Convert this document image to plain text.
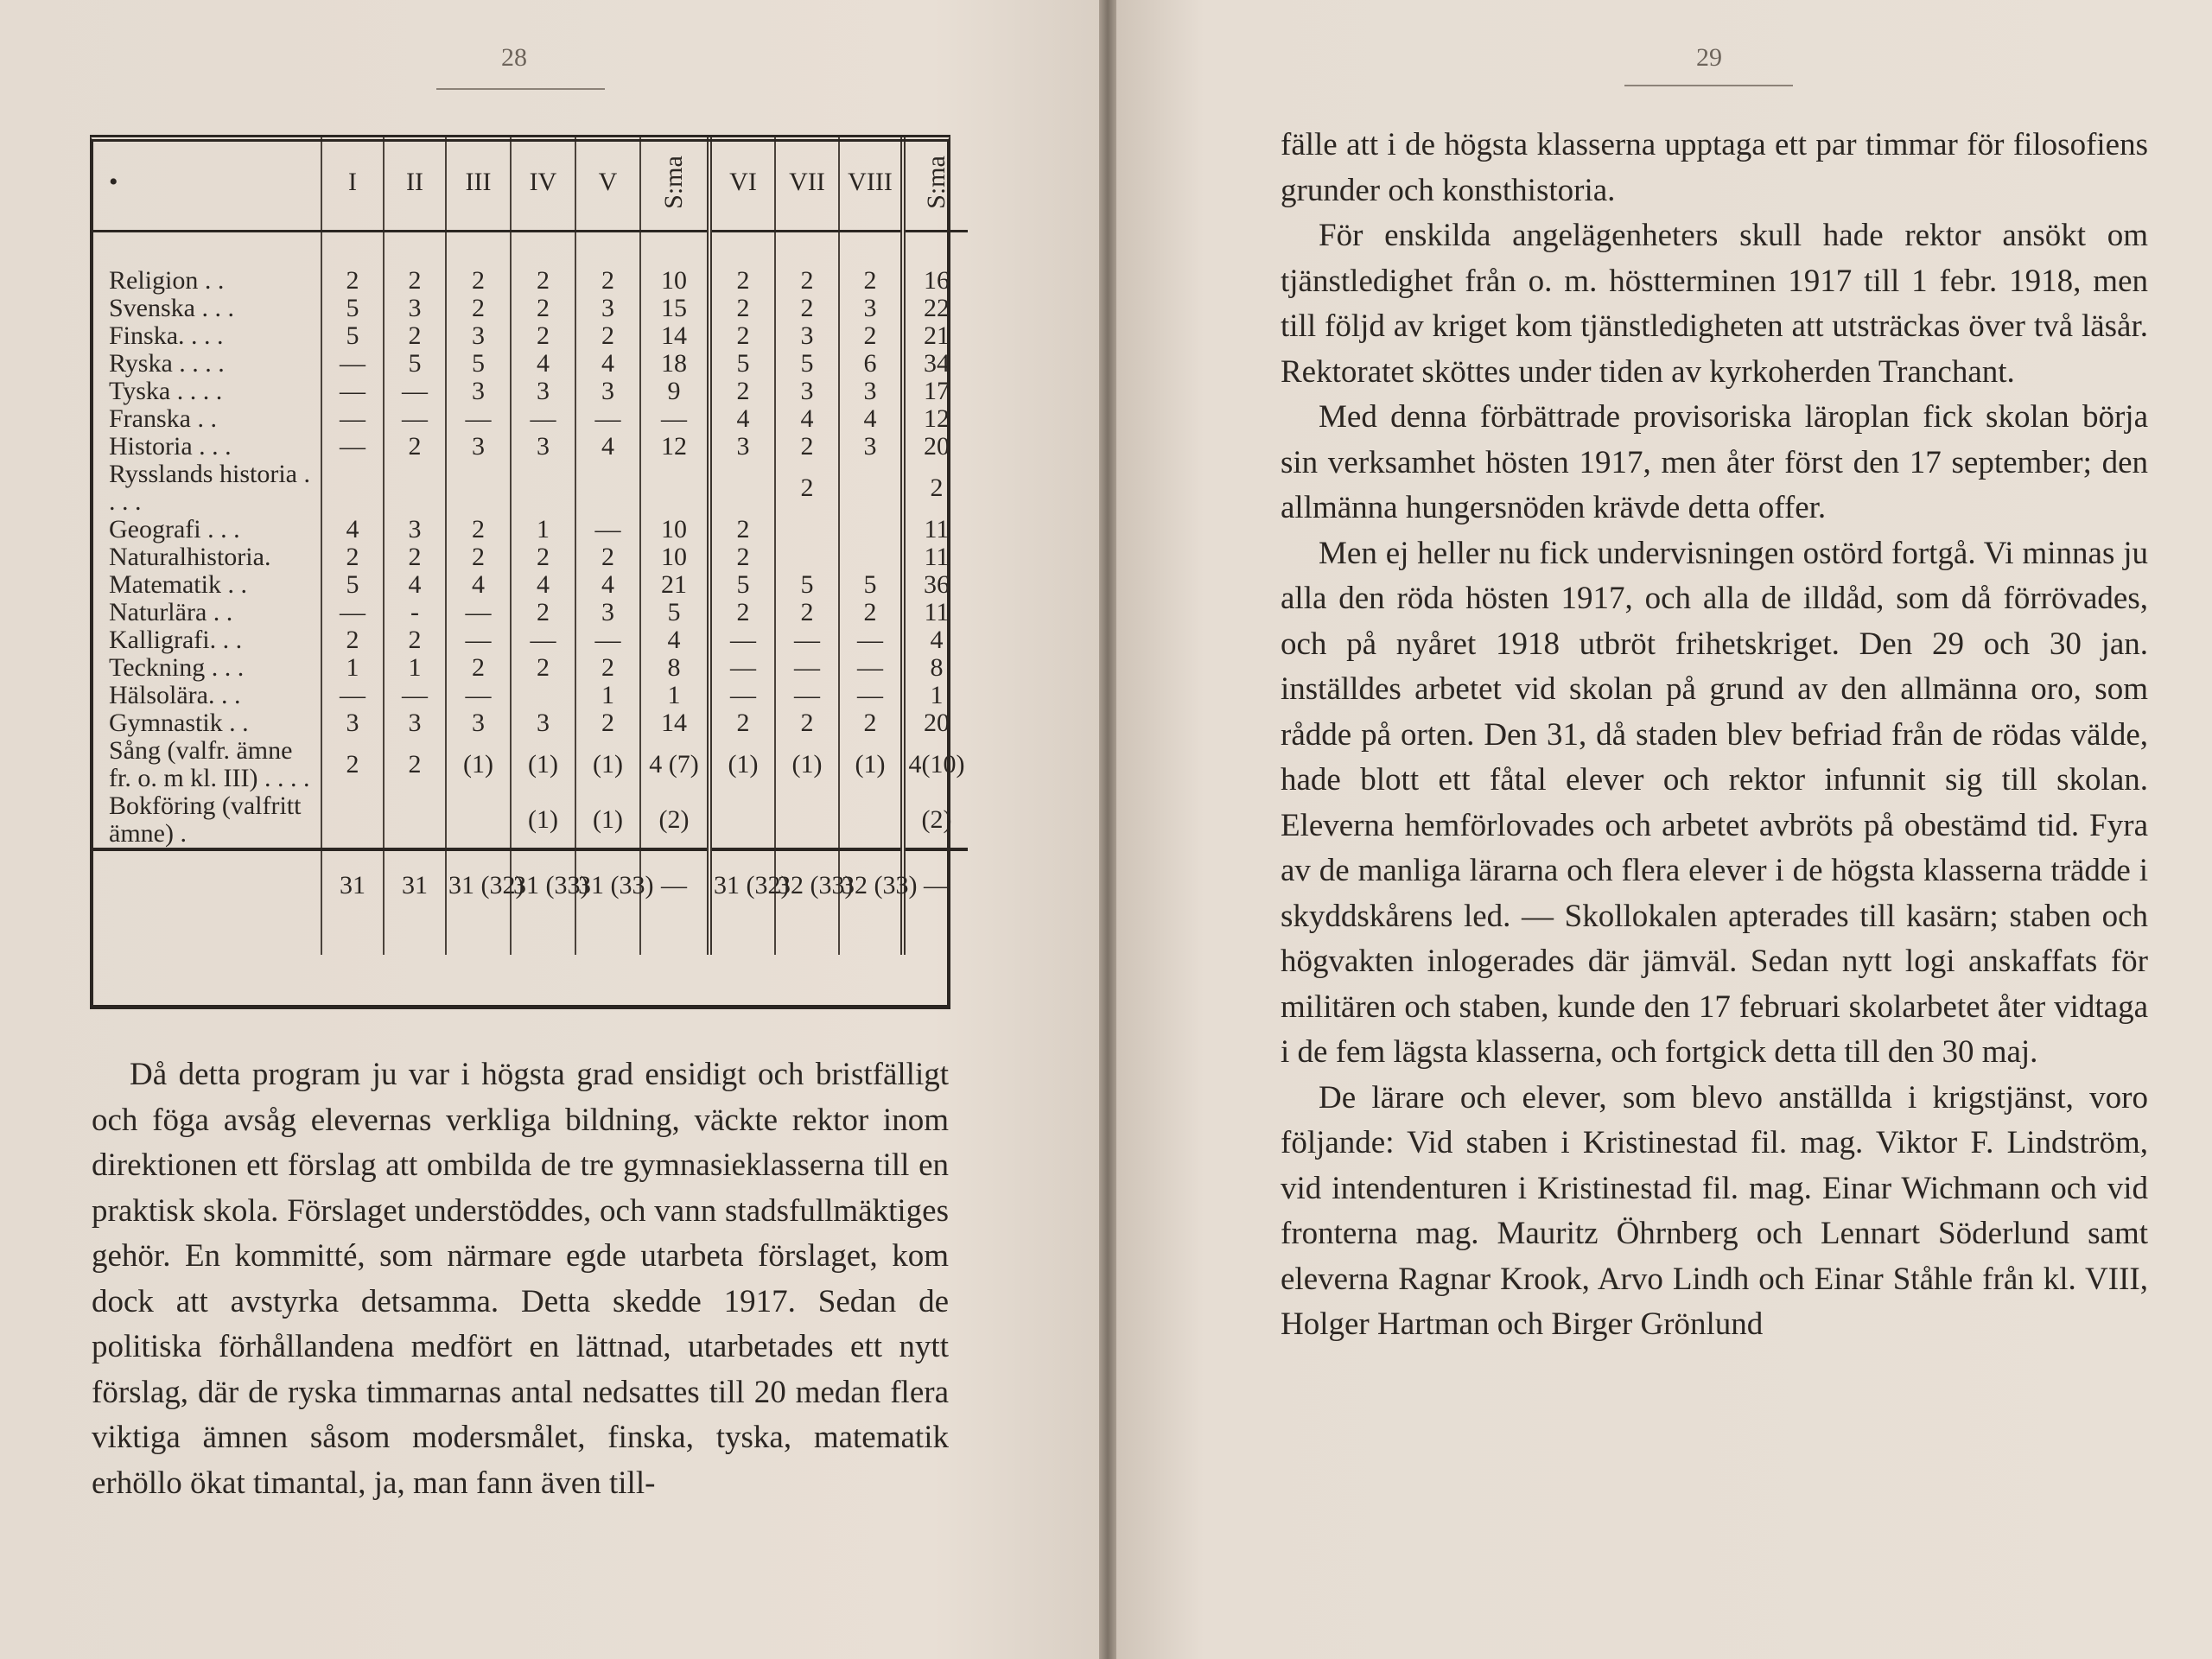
28
•	I	II	III	IV	V	S:ma	VI	VII	VIII	S:ma

Religion . .	2	2	2	2	2	10	2	2	2	16
Svenska . . .	5	3	2	2	3	15	2	2	3	22
Finska. . . .	5	2	3	2	2	14	2	3	2	21
Ryska . . . .	—	5	5	4	4	18	5	5	6	34
Tyska . . . .	—	—	3	3	3	9	2	3	3	17
Franska . .	—	—	—	—	—	—	4	4	4	12
Historia . . .	—	2	3	3	4	12	3	2	3	20
Rysslands historia . . . .								2		2
Geografi . . .	4	3	2	1	—	10	2			11
Naturalhistoria.	2	2	2	2	2	10	2			11
Matematik . .	5	4	4	4	4	21	5	5	5	36
Naturlära . .	—	-	—	2	3	5	2	2	2	11
Kalligrafi. . .	2	2	—	—	—	4	—	—	—	4
Teckning . . .	1	1	2	2	2	8	—	—	—	8
Hälsolära. . .	—	—	—		1	1	—	—	—	1
Gymnastik . .	3	3	3	3	2	14	2	2	2	20
Sång (valfr. ämne fr. o. m kl. III) . . . .	2	2	(1)	(1)	(1)	4 (7)	(1)	(1)	(1)	4(10)
Bokföring (valfritt ämne) .				(1)	(1)	(2)				(2)
	31	31	31 (32)	31 (33)	31 (33)	—	31 (32)	32 (33)	32 (33)	—

Då detta program ju var i högsta grad ensidigt och bristfälligt och föga avsåg elevernas verkliga bildning, väckte rektor inom direktionen ett förslag att ombilda de tre gymnasieklasserna till en praktisk skola. Förslaget understöddes, och vann stadsfullmäktiges gehör. En kommitté, som närmare egde utarbeta förslaget, kom dock att avstyrka detsamma. Detta skedde 1917. Sedan de politiska förhållandena medfört en lättnad, utarbetades ett nytt förslag, där de ryska timmarnas antal nedsattes till 20 medan flera viktiga ämnen såsom modersmålet, finska, tyska, matematik erhöllo ökat timantal, ja, man fann även till-

29

fälle att i de högsta klasserna upptaga ett par timmar för filosofiens grunder och konsthistoria.

För enskilda angelägenheters skull hade rektor ansökt om tjänstledighet från o. m. höstterminen 1917 till 1 febr. 1918, men till följd av kriget kom tjänstledigheten att utsträckas över två läsår. Rektoratet sköttes under tiden av kyrkoherden Tranchant.

Med denna förbättrade provisoriska läroplan fick skolan börja sin verksamhet hösten 1917, men åter först den 17 september; den allmänna hungersnöden krävde detta offer.

Men ej heller nu fick undervisningen ostörd fortgå. Vi minnas ju alla den röda hösten 1917, och alla de illdåd, som då förrövades, och på nyåret 1918 utbröt frihetskriget. Den 29 och 30 jan. inställdes arbetet vid skolan på grund av den allmänna oro, som rådde på orten. Den 31, då staden blev befriad från de rödas välde, hade blott ett fåtal elever och rektor infunnit sig till skolan. Eleverna hemförlovades och arbetet avbröts på obestämd tid. Fyra av de manliga lärarna och flera elever i de högsta klasserna trädde i skyddskårens led. — Skollokalen apterades till kasärn; staben och högvakten inlogerades där jämväl. Sedan nytt logi anskaffats för militären och staben, kunde den 17 februari skolarbetet åter vidtaga i de fem lägsta klasserna, och fortgick detta till den 30 maj.

De lärare och elever, som blevo anställda i krigstjänst, voro följande: Vid staben i Kristinestad fil. mag. Viktor F. Lindström, vid intendenturen i Kristinestad fil. mag. Einar Wichmann och vid fronterna mag. Mauritz Öhrnberg och Lennart Söderlund samt eleverna Ragnar Krook, Arvo Lindh och Einar Ståhle från kl. VIII, Holger Hartman och Birger Grönlund
